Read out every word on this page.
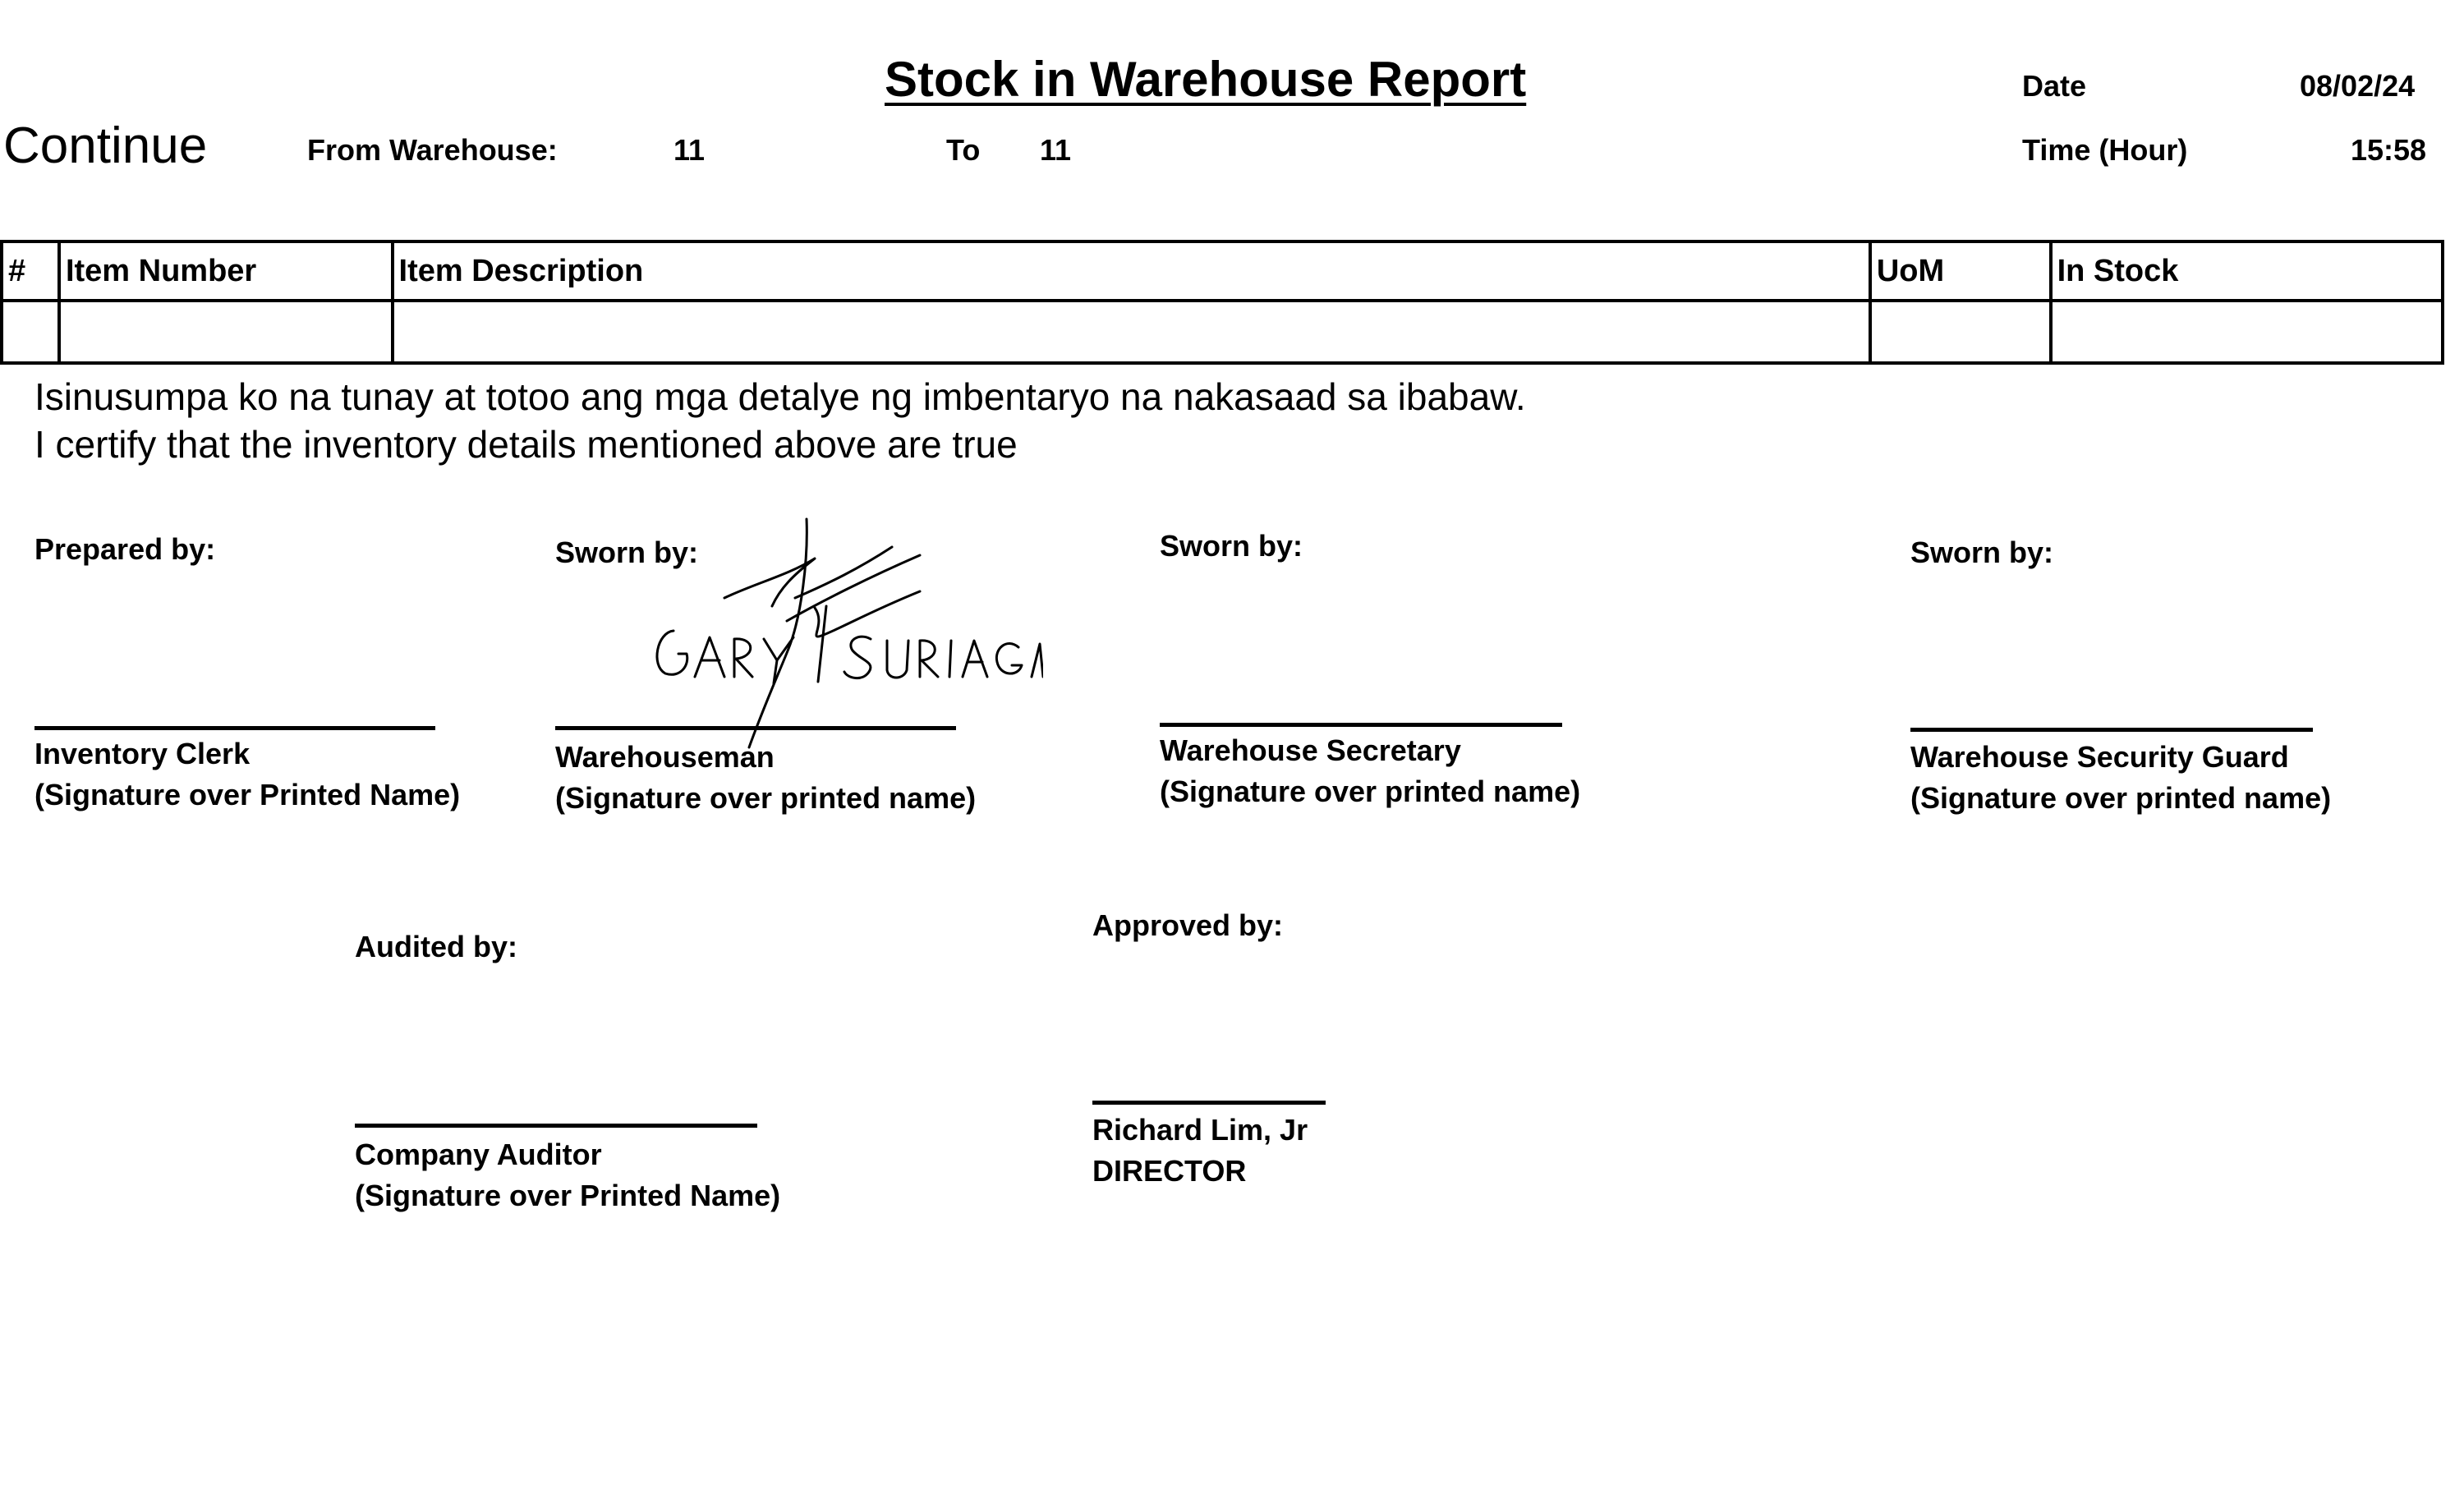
Stock in Warehouse Report
Continue	From Warehouse:	11	To 11
Date	08/02/24
Time (Hour)	15:58
#	Item Number	Item Description	UoM	In Stock

Isinusumpa ko na tunay at totoo ang mga detalye ng imbentaryo na nakasaad sa ibabaw.
I certify that the inventory details mentioned above are true
Prepared by:
Inventory Clerk
(Signature over Printed Name)
Sworn by:
Warehouseman
(Signature over printed name)
Sworn by:
Warehouse Secretary
(Signature over printed name)
Sworn by:
Warehouse Security Guard
(Signature over printed name)
Audited by:
Company Auditor
(Signature over Printed Name)
Approved by:
Richard Lim, Jr
DIRECTOR
